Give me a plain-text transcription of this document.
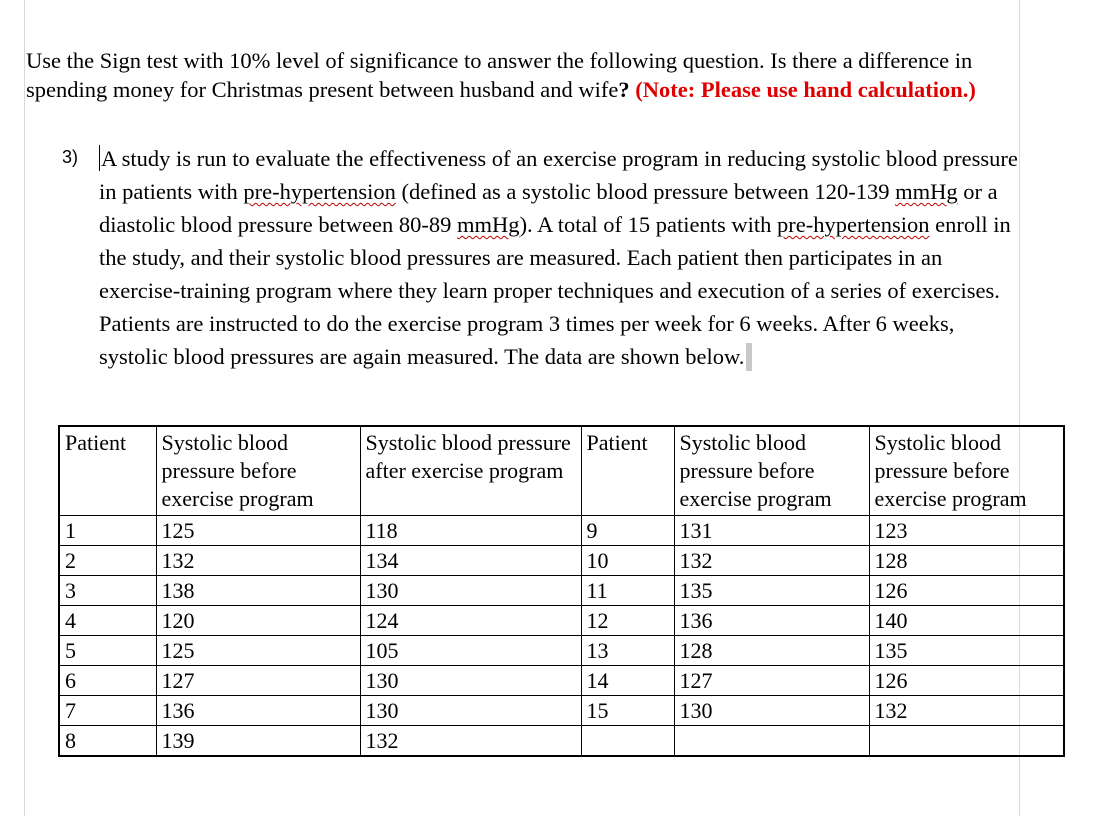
Use the Sign test with 10% level of significance to answer the following question. Is there a difference in spending money for Christmas present between husband and wife? (Note: Please use hand calculation.)
3) A study is run to evaluate the effectiveness of an exercise program in reducing systolic blood pressure in patients with pre-hypertension (defined as a systolic blood pressure between 120-139 mmHg or a diastolic blood pressure between 80-89 mmHg). A total of 15 patients with pre-hypertension enroll in the study, and their systolic blood pressures are measured. Each patient then participates in an exercise-training program where they learn proper techniques and execution of a series of exercises. Patients are instructed to do the exercise program 3 times per week for 6 weeks. After 6 weeks, systolic blood pressures are again measured. The data are shown below.
Patient	Systolic blood pressure before exercise program	Systolic blood pressure after exercise program	Patient	Systolic blood pressure before exercise program	Systolic blood pressure before exercise program
1	125	118	9	131	123
2	132	134	10	132	128
3	138	130	11	135	126
4	120	124	12	136	140
5	125	105	13	128	135
6	127	130	14	127	126
7	136	130	15	130	132
8	139	132			
